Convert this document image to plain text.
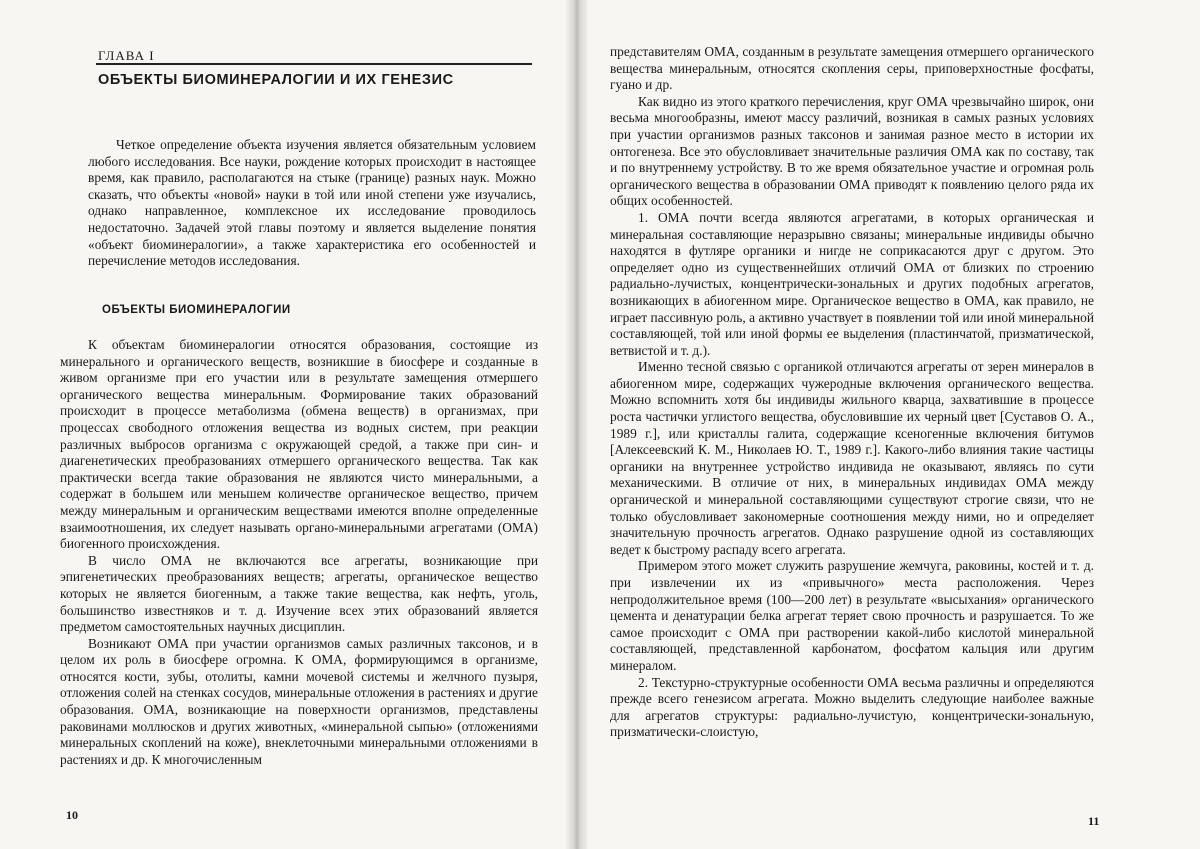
ГЛАВА I
ОБЪЕКТЫ БИОМИНЕРАЛОГИИ И ИХ ГЕНЕЗИС

Четкое определение объекта изучения является обязательным условием любого исследования. Все науки, рождение которых происходит в настоящее время, как правило, располагаются на стыке (границе) разных наук. Можно сказать, что объекты «новой» науки в той или иной степени уже изучались, однако направленное, комплексное их исследование проводилось недостаточно. Задачей этой главы поэтому и является выделение понятия «объект биоминералогии», а также характеристика его особенностей и перечисление методов исследования.

ОБЪЕКТЫ БИОМИНЕРАЛОГИИ

К объектам биоминералогии относятся образования, состоящие из минерального и органического веществ, возникшие в биосфере и созданные в живом организме при его участии или в результате замещения отмершего органического вещества минеральным. Формирование таких образований происходит в процессе метаболизма (обмена веществ) в организмах, при процессах свободного отложения вещества из водных систем, при реакции различных выбросов организма с окружающей средой, а также при син- и диагенетических преобразованиях отмершего органического вещества. Так как практически всегда такие образования не являются чисто минеральными, а содержат в большем или меньшем количестве органическое вещество, причем между минеральным и органическим веществами имеются вполне определенные взаимоотношения, их следует называть органо-минеральными агрегатами (ОМА) биогенного происхождения.

В число ОМА не включаются все агрегаты, возникающие при эпигенетических преобразованиях веществ; агрегаты, органическое вещество которых не является биогенным, а также такие вещества, как нефть, уголь, большинство известняков и т. д. Изучение всех этих образований является предметом самостоятельных научных дисциплин.

Возникают ОМА при участии организмов самых различных таксонов, и в целом их роль в биосфере огромна. К ОМА, формирующимся в организме, относятся кости, зубы, отолиты, камни мочевой системы и желчного пузыря, отложения солей на стенках сосудов, минеральные отложения в растениях и другие образования. ОМА, возникающие на поверхности организмов, представлены раковинами моллюсков и других животных, «минеральной сыпью» (отложениями минеральных скоплений на коже), внеклеточными минеральными отложениями в растениях и др. К многочисленным

10

представителям ОМА, созданным в результате замещения отмершего органического вещества минеральным, относятся скопления серы, приповерхностные фосфаты, гуано и др.

Как видно из этого краткого перечисления, круг ОМА чрезвычайно широк, они весьма многообразны, имеют массу различий, возникая в самых разных условиях при участии организмов разных таксонов и занимая разное место в истории их онтогенеза. Все это обусловливает значительные различия ОМА как по составу, так и по внутреннему устройству. В то же время обязательное участие и огромная роль органического вещества в образовании ОМА приводят к появлению целого ряда их общих особенностей.

1. ОМА почти всегда являются агрегатами, в которых органическая и минеральная составляющие неразрывно связаны; минеральные индивиды обычно находятся в футляре органики и нигде не соприкасаются друг с другом. Это определяет одно из существеннейших отличий ОМА от близких по строению радиально-лучистых, концентрически-зональных и других подобных агрегатов, возникающих в абиогенном мире. Органическое вещество в ОМА, как правило, не играет пассивную роль, а активно участвует в появлении той или иной минеральной составляющей, той или иной формы ее выделения (пластинчатой, призматической, ветвистой и т. д.).

Именно тесной связью с органикой отличаются агрегаты от зерен минералов в абиогенном мире, содержащих чужеродные включения органического вещества. Можно вспомнить хотя бы индивиды жильного кварца, захватившие в процессе роста частички углистого вещества, обусловившие их черный цвет [Суставов О. А., 1989 г.], или кристаллы галита, содержащие ксеногенные включения битумов [Алексеевский К. М., Николаев Ю. Т., 1989 г.]. Какого-либо влияния такие частицы органики на внутреннее устройство индивида не оказывают, являясь по сути механическими. В отличие от них, в минеральных индивидах ОМА между органической и минеральной составляющими существуют строгие связи, что не только обусловливает закономерные соотношения между ними, но и определяет значительную прочность агрегатов. Однако разрушение одной из составляющих ведет к быстрому распаду всего агрегата.

Примером этого может служить разрушение жемчуга, раковины, костей и т. д. при извлечении их из «привычного» места расположения. Через непродолжительное время (100—200 лет) в результате «высыхания» органического цемента и денатурации белка агрегат теряет свою прочность и разрушается. То же самое происходит с ОМА при растворении какой-либо кислотой минеральной составляющей, представленной карбонатом, фосфатом кальция или другим минералом.

2. Текстурно-структурные особенности ОМА весьма различны и определяются прежде всего генезисом агрегата. Можно выделить следующие наиболее важные для агрегатов структуры: радиально-лучистую, концентрически-зональную, призматически-слоистую,

11
